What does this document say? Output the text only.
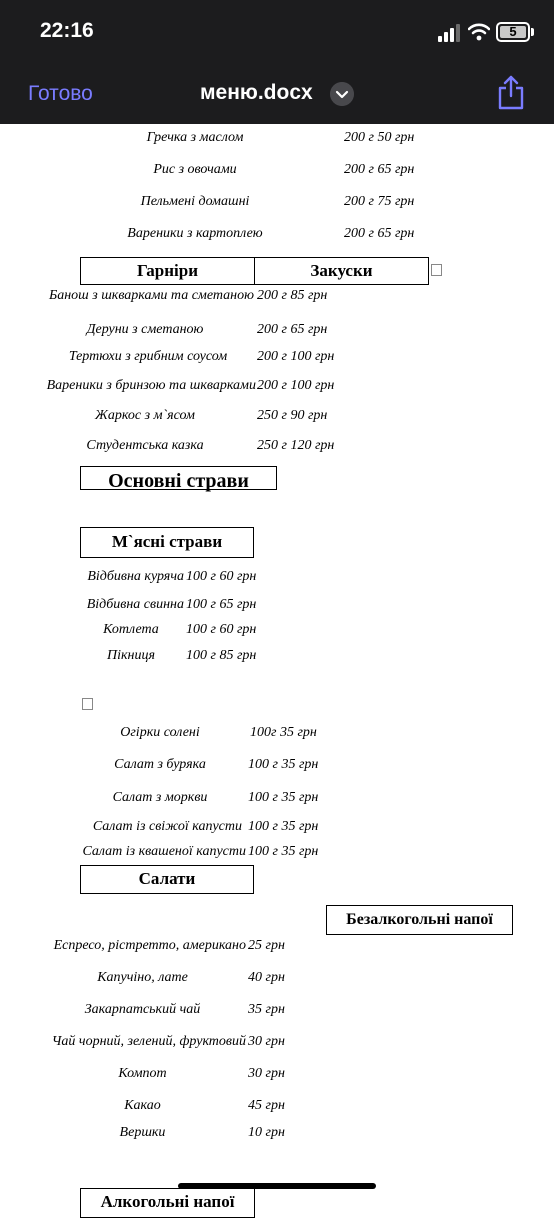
22:16	5
Готово	меню.docx
Гречка з маслом	200 г 50 грн
Рис з овочами	200 г 65 грн
Пельмені домашні	200 г 75 грн
Вареники з картоплею	200 г 65 грн
Гарніри	Закуски
Банош з шкварками та сметаною 200 г 85 грн
Деруни з сметаною	200 г 65 грн
Тертюхи з грибним соусом	200 г 100 грн
Вареники з бринзою та шкварками 200 г 100 грн
Жаркос з м`ясом	250 г 90 грн
Студентська казка	250 г 120 грн
Основні страви
М`ясні страви
Відбивна куряча 100 г 60 грн
Відбивна свинна 100 г 65 грн
Котлета	100 г 60 грн
Пікниця	100 г 85 грн
Огірки солені	100г 35 грн
Салат з буряка	100 г 35 грн
Салат з моркви	100 г 35 грн
Салат із свіжої капусти 100 г 35 грн
Салат із квашеної капусти 100 г 35 грн
Салати
Безалкогольні напої
Еспресо, рістретто, американо 25 грн
Капучіно, лате	40 грн
Закарпатський чай	35 грн
Чай чорний, зелений, фруктовий 30 грн
Компот	30 грн
Какао	45 грн
Вершки	10 грн
Алкогольні напої
